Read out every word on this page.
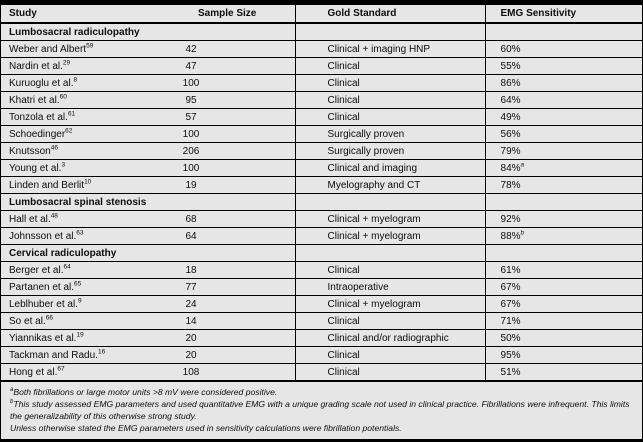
Study	Sample Size		Gold Standard	EMG Sensitivity
Lumbosacral radiculopathy				
Weber and Albert$^{59}$	42		Clinical + imaging HNP	60%
Nardin et al.$^{29}$	47		Clinical	55%
Kuruoglu et al.$^8$	100		Clinical	86%
Khatri et al.$^{60}$	95		Clinical	64%
Tonzola et al.$^{61}$	57		Clinical	49%
Schoedinger$^{62}$	100		Surgically proven	56%
Knutsson$^{46}$	206		Surgically proven	79%
Young et al.$^3$	100		Clinical and imaging	84%$^a$
Linden and Berlit$^{10}$	19		Myelography and CT	78%
Lumbosacral spinal stenosis				
Hall et al.$^{48}$	68		Clinical + myelogram	92%
Johnsson et al.$^{63}$	64		Clinical + myelogram	88%$^b$
Cervical radiculopathy				
Berger et al.$^{64}$	18		Clinical	61%
Partanen et al.$^{65}$	77		Intraoperative	67%
Leblhuber et al.$^9$	24		Clinical + myelogram	67%
So et al.$^{66}$	14		Clinical	71%
Yiannikas et al.$^{19}$	20		Clinical and/or radiographic	50%
Tackman and Radu.$^{16}$	20		Clinical	95%
Hong et al.$^{67}$	108		Clinical	51%
$^a$Both fibrillations or large motor units >8 mV were considered positive.
$^b$This study assessed EMG parameters and used quantitative EMG with a unique grading scale not used in clinical practice. Fibrillations were infrequent. This limits the generalizability of this otherwise strong study.
Unless otherwise stated the EMG parameters used in sensitivity calculations were fibrillation potentials.
